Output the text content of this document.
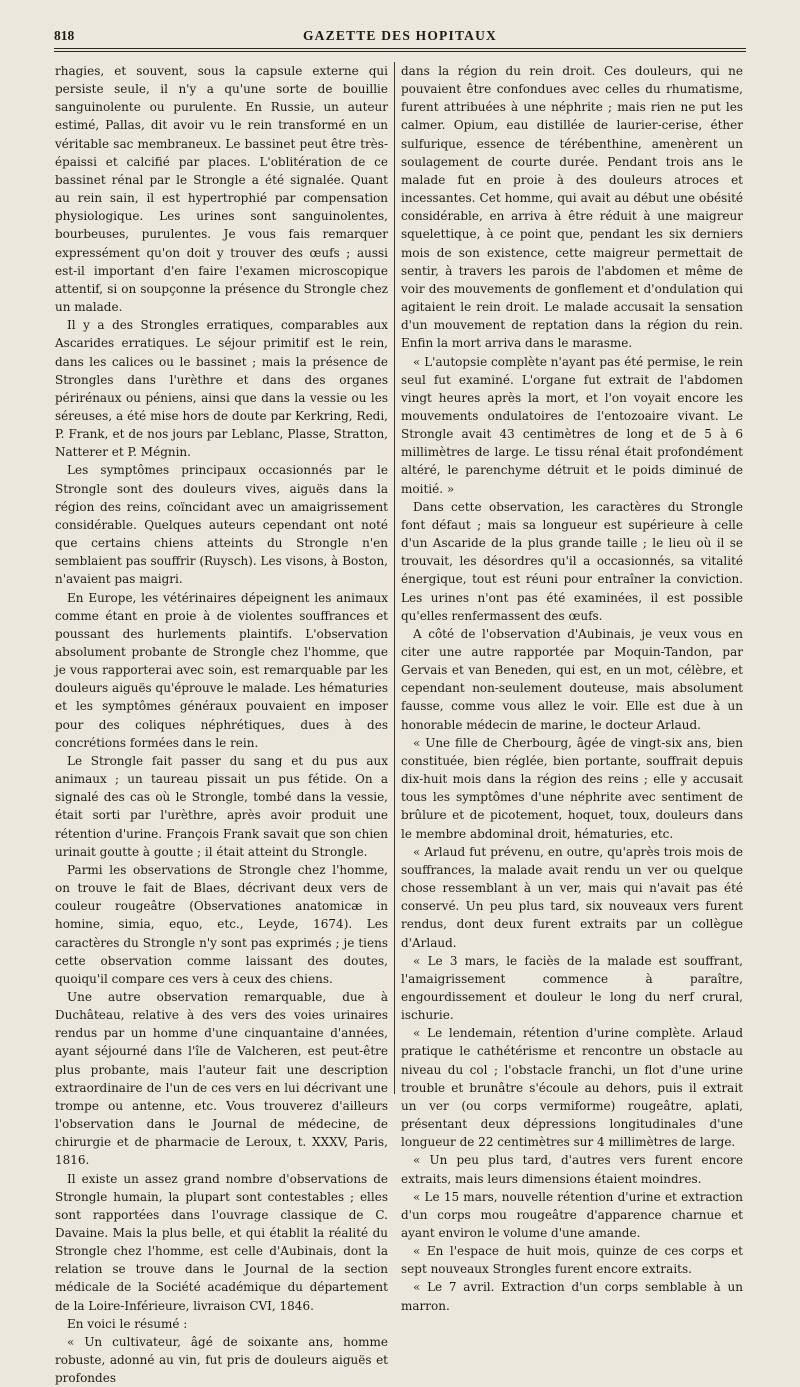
818	GAZETTE DES HOPITAUX

rhagies, et souvent, sous la capsule externe qui persiste seule, il n'y a qu'une sorte de bouillie sanguinolente ou purulente. En Russie, un auteur estimé, Pallas, dit avoir vu le rein transformé en un véritable sac membraneux. Le bassinet peut être très-épaissi et calcifié par places. L'oblitération de ce bassinet rénal par le Strongle a été signalée. Quant au rein sain, il est hypertrophié par compensation physiologique. Les urines sont sanguinolentes, bourbeuses, purulentes. Je vous fais remarquer expressément qu'on doit y trouver des œufs ; aussi est-il important d'en faire l'examen microscopique attentif, si on soupçonne la présence du Strongle chez un malade.

Il y a des Strongles erratiques, comparables aux Ascarides erratiques. Le séjour primitif est le rein, dans les calices ou le bassinet ; mais la présence de Strongles dans l'urèthre et dans des organes périrénaux ou péniens, ainsi que dans la vessie ou les séreuses, a été mise hors de doute par Kerkring, Redi, P. Frank, et de nos jours par Leblanc, Plasse, Stratton, Natterer et P. Mégnin.

Les symptômes principaux occasionnés par le Strongle sont des douleurs vives, aiguës dans la région des reins, coïncidant avec un amaigrissement considérable. Quelques auteurs cependant ont noté que certains chiens atteints du Strongle n'en semblaient pas souffrir (Ruysch). Les visons, à Boston, n'avaient pas maigri.

En Europe, les vétérinaires dépeignent les animaux comme étant en proie à de violentes souffrances et poussant des hurlements plaintifs. L'observation absolument probante de Strongle chez l'homme, que je vous rapporterai avec soin, est remarquable par les douleurs aiguës qu'éprouve le malade. Les hématuries et les symptômes généraux pouvaient en imposer pour des coliques néphrétiques, dues à des concrétions formées dans le rein.

Le Strongle fait passer du sang et du pus aux animaux ; un taureau pissait un pus fétide. On a signalé des cas où le Strongle, tombé dans la vessie, était sorti par l'urèthre, après avoir produit une rétention d'urine. François Frank savait que son chien urinait goutte à goutte ; il était atteint du Strongle.

Parmi les observations de Strongle chez l'homme, on trouve le fait de Blaes, décrivant deux vers de couleur rougeâtre (Observationes anatomicæ in homine, simia, equo, etc., Leyde, 1674). Les caractères du Strongle n'y sont pas exprimés ; je tiens cette observation comme laissant des doutes, quoiqu'il compare ces vers à ceux des chiens.

Une autre observation remarquable, due à Duchâteau, relative à des vers des voies urinaires rendus par un homme d'une cinquantaine d'années, ayant séjourné dans l'île de Valcheren, est peut-être plus probante, mais l'auteur fait une description extraordinaire de l'un de ces vers en lui décrivant une trompe ou antenne, etc. Vous trouverez d'ailleurs l'observation dans le Journal de médecine, de chirurgie et de pharmacie de Leroux, t. XXXV, Paris, 1816.

Il existe un assez grand nombre d'observations de Strongle humain, la plupart sont contestables ; elles sont rapportées dans l'ouvrage classique de C. Davaine. Mais la plus belle, et qui établit la réalité du Strongle chez l'homme, est celle d'Aubinais, dont la relation se trouve dans le Journal de la section médicale de la Société académique du département de la Loire-Inférieure, livraison CVI, 1846.

En voici le résumé :

« Un cultivateur, âgé de soixante ans, homme robuste, adonné au vin, fut pris de douleurs aiguës et profondes

dans la région du rein droit. Ces douleurs, qui ne pouvaient être confondues avec celles du rhumatisme, furent attribuées à une néphrite ; mais rien ne put les calmer. Opium, eau distillée de laurier-cerise, éther sulfurique, essence de térébenthine, amenèrent un soulagement de courte durée. Pendant trois ans le malade fut en proie à des douleurs atroces et incessantes. Cet homme, qui avait au début une obésité considérable, en arriva à être réduit à une maigreur squelettique, à ce point que, pendant les six derniers mois de son existence, cette maigreur permettait de sentir, à travers les parois de l'abdomen et même de voir des mouvements de gonflement et d'ondulation qui agitaient le rein droit. Le malade accusait la sensation d'un mouvement de reptation dans la région du rein. Enfin la mort arriva dans le marasme.

« L'autopsie complète n'ayant pas été permise, le rein seul fut examiné. L'organe fut extrait de l'abdomen vingt heures après la mort, et l'on voyait encore les mouvements ondulatoires de l'entozoaire vivant. Le Strongle avait 43 centimètres de long et de 5 à 6 millimètres de large. Le tissu rénal était profondément altéré, le parenchyme détruit et le poids diminué de moitié. »

Dans cette observation, les caractères du Strongle font défaut ; mais sa longueur est supérieure à celle d'un Ascaride de la plus grande taille ; le lieu où il se trouvait, les désordres qu'il a occasionnés, sa vitalité énergique, tout est réuni pour entraîner la conviction. Les urines n'ont pas été examinées, il est possible qu'elles renfermassent des œufs.

A côté de l'observation d'Aubinais, je veux vous en citer une autre rapportée par Moquin-Tandon, par Gervais et van Beneden, qui est, en un mot, célèbre, et cependant non-seulement douteuse, mais absolument fausse, comme vous allez le voir. Elle est due à un honorable médecin de marine, le docteur Arlaud.

« Une fille de Cherbourg, âgée de vingt-six ans, bien constituée, bien réglée, bien portante, souffrait depuis dix-huit mois dans la région des reins ; elle y accusait tous les symptômes d'une néphrite avec sentiment de brûlure et de picotement, hoquet, toux, douleurs dans le membre abdominal droit, hématuries, etc.

« Arlaud fut prévenu, en outre, qu'après trois mois de souffrances, la malade avait rendu un ver ou quelque chose ressemblant à un ver, mais qui n'avait pas été conservé. Un peu plus tard, six nouveaux vers furent rendus, dont deux furent extraits par un collègue d'Arlaud.

« Le 3 mars, le faciès de la malade est souffrant, l'amaigrissement commence à paraître, engourdissement et douleur le long du nerf crural, ischurie.

« Le lendemain, rétention d'urine complète. Arlaud pratique le cathétérisme et rencontre un obstacle au niveau du col ; l'obstacle franchi, un flot d'une urine trouble et brunâtre s'écoule au dehors, puis il extrait un ver (ou corps vermiforme) rougeâtre, aplati, présentant deux dépressions longitudinales d'une longueur de 22 centimètres sur 4 millimètres de large.

« Un peu plus tard, d'autres vers furent encore extraits, mais leurs dimensions étaient moindres.

« Le 15 mars, nouvelle rétention d'urine et extraction d'un corps mou rougeâtre d'apparence charnue et ayant environ le volume d'une amande.

« En l'espace de huit mois, quinze de ces corps et sept nouveaux Strongles furent encore extraits.

« Le 7 avril. Extraction d'un corps semblable à un marron.
